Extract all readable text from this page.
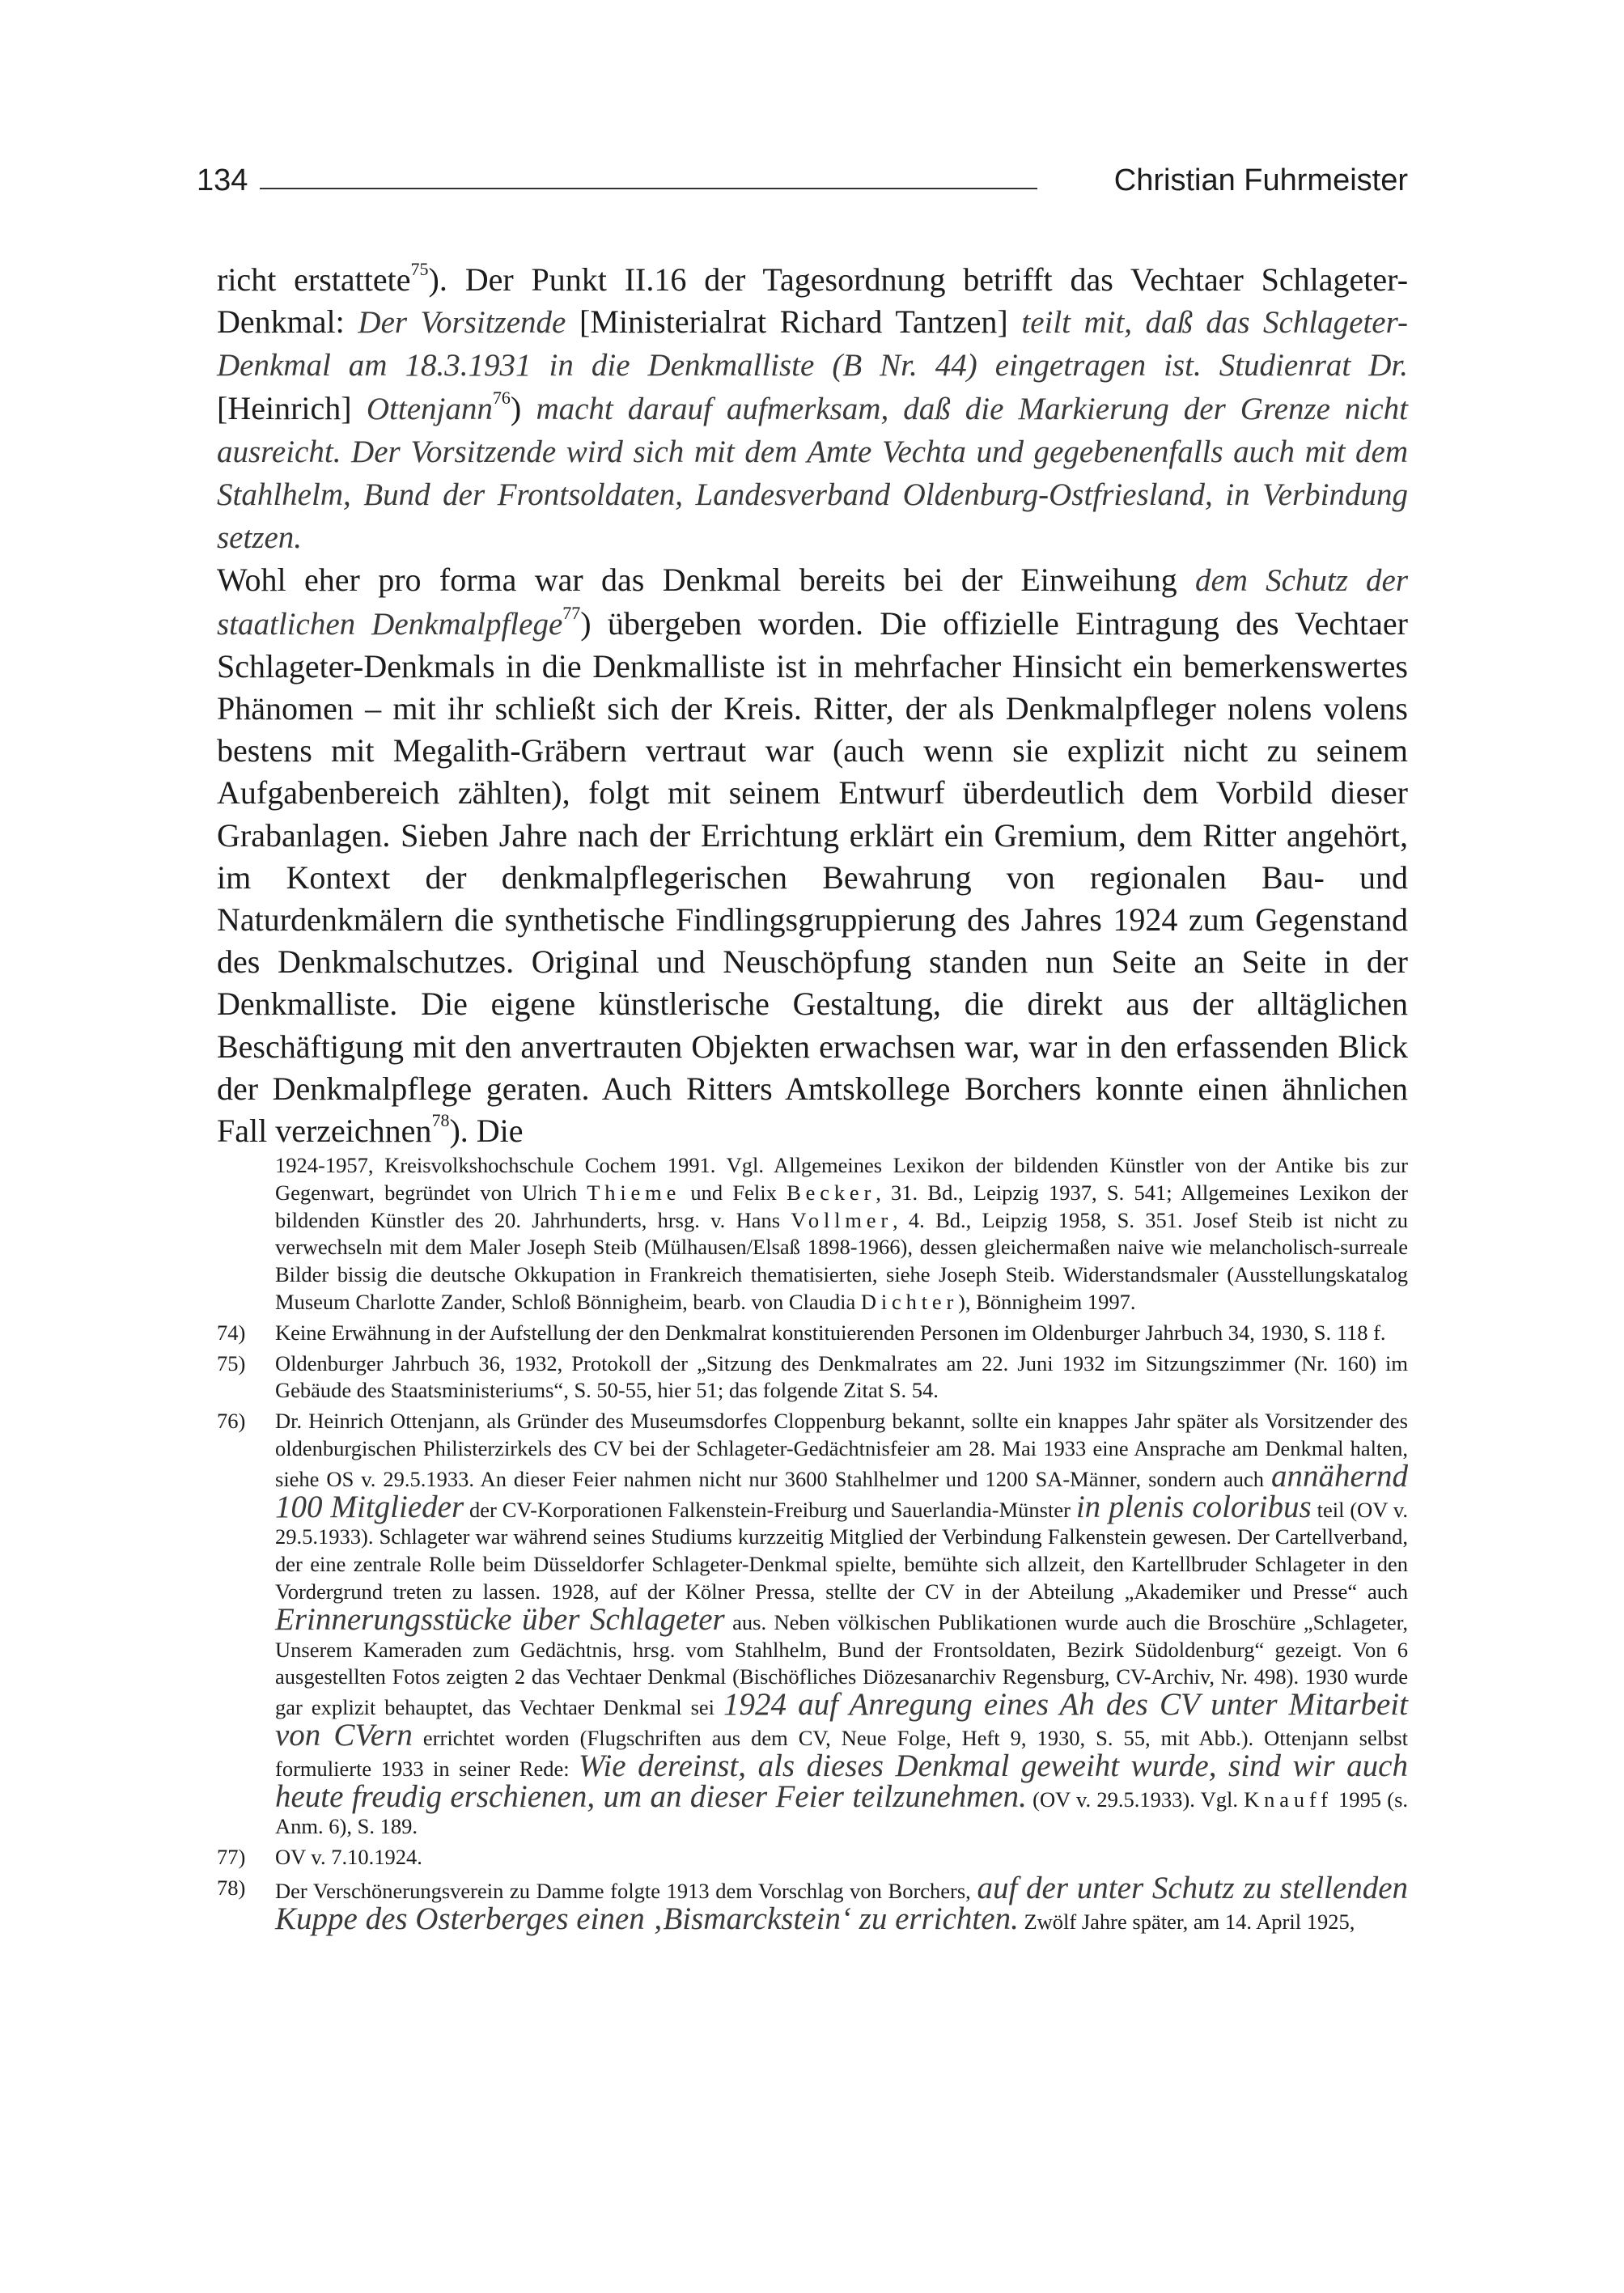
134	Christian Fuhrmeister

richt erstattete$^{75}$). Der Punkt II.16 der Tagesordnung betrifft das Vechtaer Schlageter-Denkmal: Der Vorsitzende [Ministerialrat Richard Tantzen] teilt mit, daß das Schlageter-Denkmal am 18.3.1931 in die Denkmalliste (B Nr. 44) eingetragen ist. Studienrat Dr. [Heinrich] Ottenjann$^{76}$) macht darauf aufmerksam, daß die Markierung der Grenze nicht ausreicht. Der Vorsitzende wird sich mit dem Amte Vechta und gegebenenfalls auch mit dem Stahlhelm, Bund der Frontsoldaten, Landesverband Oldenburg-Ostfriesland, in Verbindung setzen.

Wohl eher pro forma war das Denkmal bereits bei der Einweihung dem Schutz der staatlichen Denkmalpflege$^{77}$) übergeben worden. Die offizielle Eintragung des Vechtaer Schlageter-Denkmals in die Denkmalliste ist in mehrfacher Hinsicht ein bemerkenswertes Phänomen – mit ihr schließt sich der Kreis. Ritter, der als Denkmalpfleger nolens volens bestens mit Megalith-Gräbern vertraut war (auch wenn sie explizit nicht zu seinem Aufgabenbereich zählten), folgt mit seinem Entwurf überdeutlich dem Vorbild dieser Grabanlagen. Sieben Jahre nach der Errichtung erklärt ein Gremium, dem Ritter angehört, im Kontext der denkmalpflegerischen Bewahrung von regionalen Bau- und Naturdenkmälern die synthetische Findlingsgruppierung des Jahres 1924 zum Gegenstand des Denkmalschutzes. Original und Neuschöpfung standen nun Seite an Seite in der Denkmalliste. Die eigene künstlerische Gestaltung, die direkt aus der alltäglichen Beschäftigung mit den anvertrauten Objekten erwachsen war, war in den erfassenden Blick der Denkmalpflege geraten. Auch Ritters Amtskollege Borchers konnte einen ähnlichen Fall verzeichnen$^{78}$). Die

1924-1957, Kreisvolkshochschule Cochem 1991. Vgl. Allgemeines Lexikon der bildenden Künstler von der Antike bis zur Gegenwart, begründet von Ulrich Thieme und Felix Becker, 31. Bd., Leipzig 1937, S. 541; Allgemeines Lexikon der bildenden Künstler des 20. Jahrhunderts, hrsg. v. Hans Vollmer, 4. Bd., Leipzig 1958, S. 351. Josef Steib ist nicht zu verwechseln mit dem Maler Joseph Steib (Mülhausen/Elsaß 1898-1966), dessen gleichermaßen naive wie melancholisch-surreale Bilder bissig die deutsche Okkupation in Frankreich thematisierten, siehe Joseph Steib. Widerstandsmaler (Ausstellungskatalog Museum Charlotte Zander, Schloß Bönnigheim, bearb. von Claudia Dichter), Bönnigheim 1997.
74)	Keine Erwähnung in der Aufstellung der den Denkmalrat konstituierenden Personen im Oldenburger Jahrbuch 34, 1930, S. 118 f.
75)	Oldenburger Jahrbuch 36, 1932, Protokoll der „Sitzung des Denkmalrates am 22. Juni 1932 im Sitzungszimmer (Nr. 160) im Gebäude des Staatsministeriums“, S. 50-55, hier 51; das folgende Zitat S. 54.
76)	Dr. Heinrich Ottenjann, als Gründer des Museumsdorfes Cloppenburg bekannt, sollte ein knappes Jahr später als Vorsitzender des oldenburgischen Philisterzirkels des CV bei der Schlageter-Gedächtnisfeier am 28. Mai 1933 eine Ansprache am Denkmal halten, siehe OS v. 29.5.1933. An dieser Feier nahmen nicht nur 3600 Stahlhelmer und 1200 SA-Männer, sondern auch annähernd 100 Mitglieder der CV-Korporationen Falkenstein-Freiburg und Sauerlandia-Münster in plenis coloribus teil (OV v. 29.5.1933). Schlageter war während seines Studiums kurzzeitig Mitglied der Verbindung Falkenstein gewesen. Der Cartellverband, der eine zentrale Rolle beim Düsseldorfer Schlageter-Denkmal spielte, bemühte sich allzeit, den Kartellbruder Schlageter in den Vordergrund treten zu lassen. 1928, auf der Kölner Pressa, stellte der CV in der Abteilung „Akademiker und Presse“ auch Erinnerungsstücke über Schlageter aus. Neben völkischen Publikationen wurde auch die Broschüre „Schlageter, Unserem Kameraden zum Gedächtnis, hrsg. vom Stahlhelm, Bund der Frontsoldaten, Bezirk Südoldenburg“ gezeigt. Von 6 ausgestellten Fotos zeigten 2 das Vechtaer Denkmal (Bischöfliches Diözesanarchiv Regensburg, CV-Archiv, Nr. 498). 1930 wurde gar explizit behauptet, das Vechtaer Denkmal sei 1924 auf Anregung eines Ah des CV unter Mitarbeit von CVern errichtet worden (Flugschriften aus dem CV, Neue Folge, Heft 9, 1930, S. 55, mit Abb.). Ottenjann selbst formulierte 1933 in seiner Rede: Wie dereinst, als dieses Denkmal geweiht wurde, sind wir auch heute freudig erschienen, um an dieser Feier teilzunehmen. (OV v. 29.5.1933). Vgl. Knauff 1995 (s. Anm. 6), S. 189.
77)	OV v. 7.10.1924.
78)	Der Verschönerungsverein zu Damme folgte 1913 dem Vorschlag von Borchers, auf der unter Schutz zu stellenden Kuppe des Osterberges einen ‚Bismarckstein‘ zu errichten. Zwölf Jahre später, am 14. April 1925,
